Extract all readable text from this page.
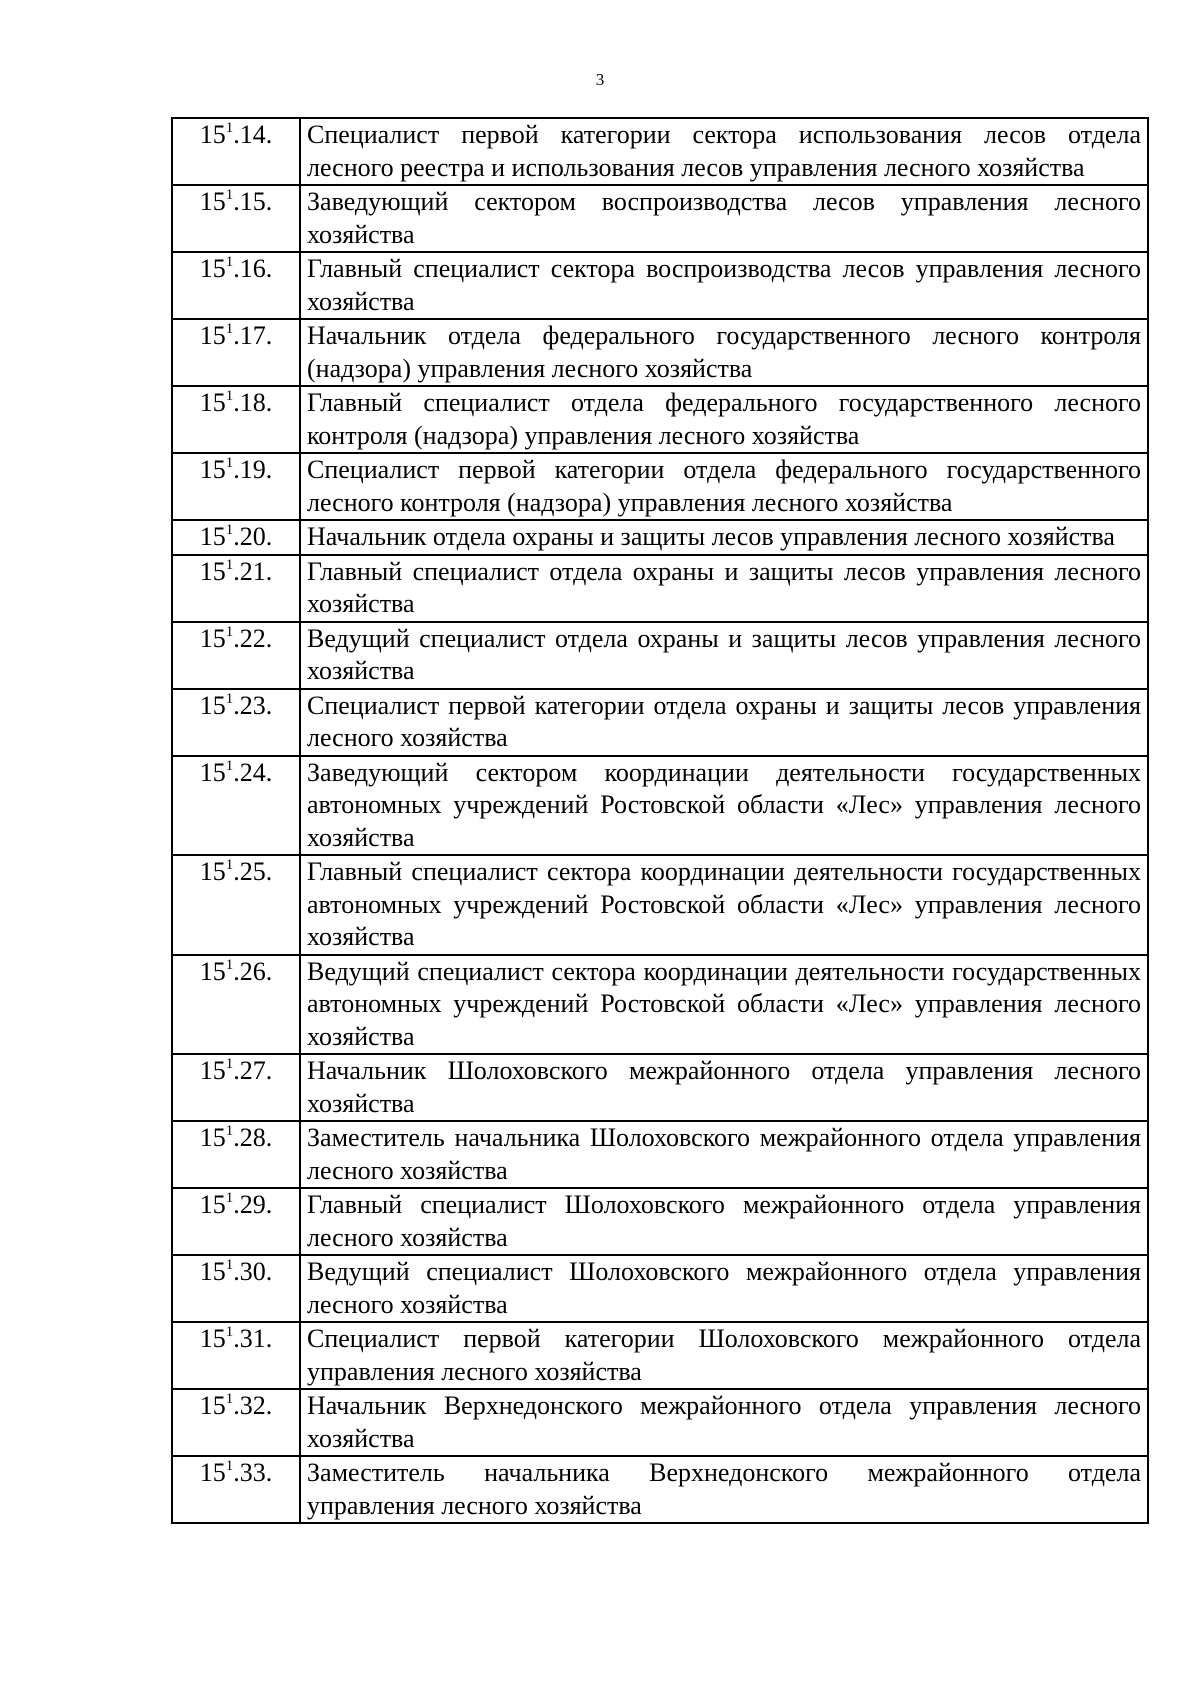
3
$15^1.14$.	Специалист первой категории сектора использования лесов отдела лесного реестра и использования лесов управления лесного хозяйства
$15^1.15$.	Заведующий сектором воспроизводства лесов управления лесного хозяйства
$15^1.16$.	Главный специалист сектора воспроизводства лесов управления лесного хозяйства
$15^1.17$.	Начальник отдела федерального государственного лесного контроля (надзора) управления лесного хозяйства
$15^1.18$.	Главный специалист отдела федерального государственного лесного контроля (надзора) управления лесного хозяйства
$15^1.19$.	Специалист первой категории отдела федерального государственного лесного контроля (надзора) управления лесного хозяйства
$15^1.20$.	Начальник отдела охраны и защиты лесов управления лесного хозяйства
$15^1.21$.	Главный специалист отдела охраны и защиты лесов управления лесного хозяйства
$15^1.22$.	Ведущий специалист отдела охраны и защиты лесов управления лесного хозяйства
$15^1.23$.	Специалист первой категории отдела охраны и защиты лесов управления лесного хозяйства
$15^1.24$.	Заведующий сектором координации деятельности государственных автономных учреждений Ростовской области «Лес» управления лесного хозяйства
$15^1.25$.	Главный специалист сектора координации деятельности государственных автономных учреждений Ростовской области «Лес» управления лесного хозяйства
$15^1.26$.	Ведущий специалист сектора координации деятельности государственных автономных учреждений Ростовской области «Лес» управления лесного хозяйства
$15^1.27$.	Начальник Шолоховского межрайонного отдела управления лесного хозяйства
$15^1.28$.	Заместитель начальника Шолоховского межрайонного отдела управления лесного хозяйства
$15^1.29$.	Главный специалист Шолоховского межрайонного отдела управления лесного хозяйства
$15^1.30$.	Ведущий специалист Шолоховского межрайонного отдела управления лесного хозяйства
$15^1.31$.	Специалист первой категории Шолоховского межрайонного отдела управления лесного хозяйства
$15^1.32$.	Начальник Верхнедонского межрайонного отдела управления лесного хозяйства
$15^1.33$.	Заместитель начальника Верхнедонского межрайонного отдела управления лесного хозяйства
